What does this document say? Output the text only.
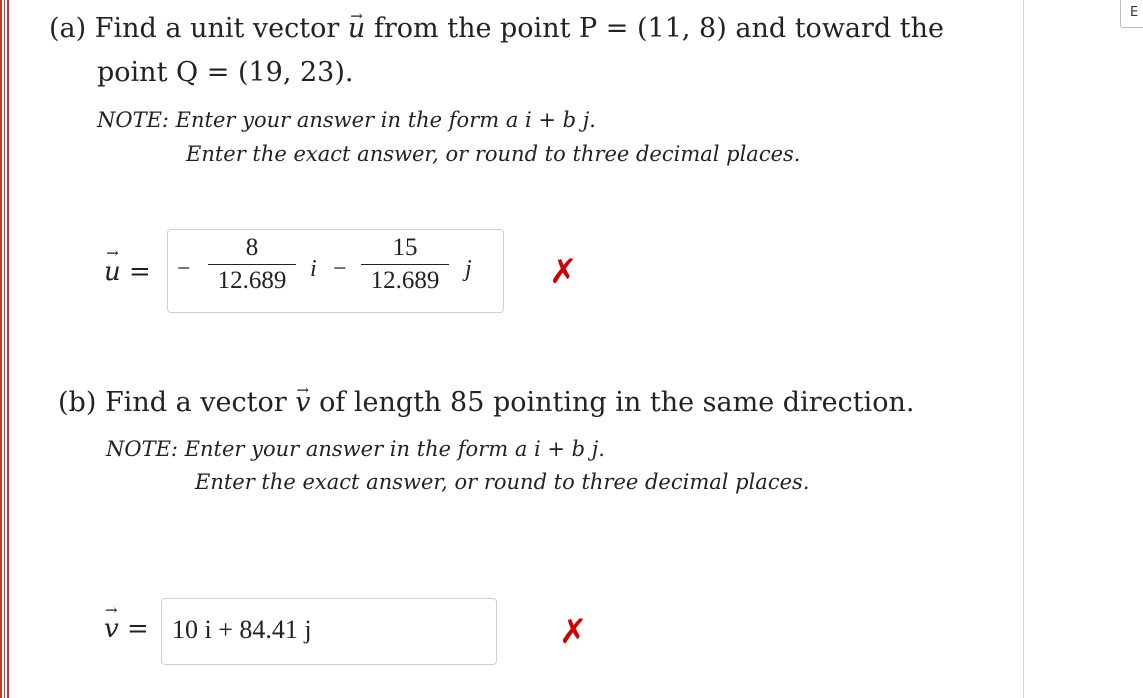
E
(a) Find a unit vector u → from the point P = (11, 8) and toward the
point Q = (19, 23).
NOTE: Enter your answer in the form a i + b j.
Enter the exact answer, or round to three decimal places.
u → = −
8
12.689 i −
15
12.689	j ✗
(b) Find a vector v → of length 85 pointing in the same direction.
NOTE: Enter your answer in the form a i + b j.
Enter the exact answer, or round to three decimal places.
v → = 10 i + 84.41 j	✗
